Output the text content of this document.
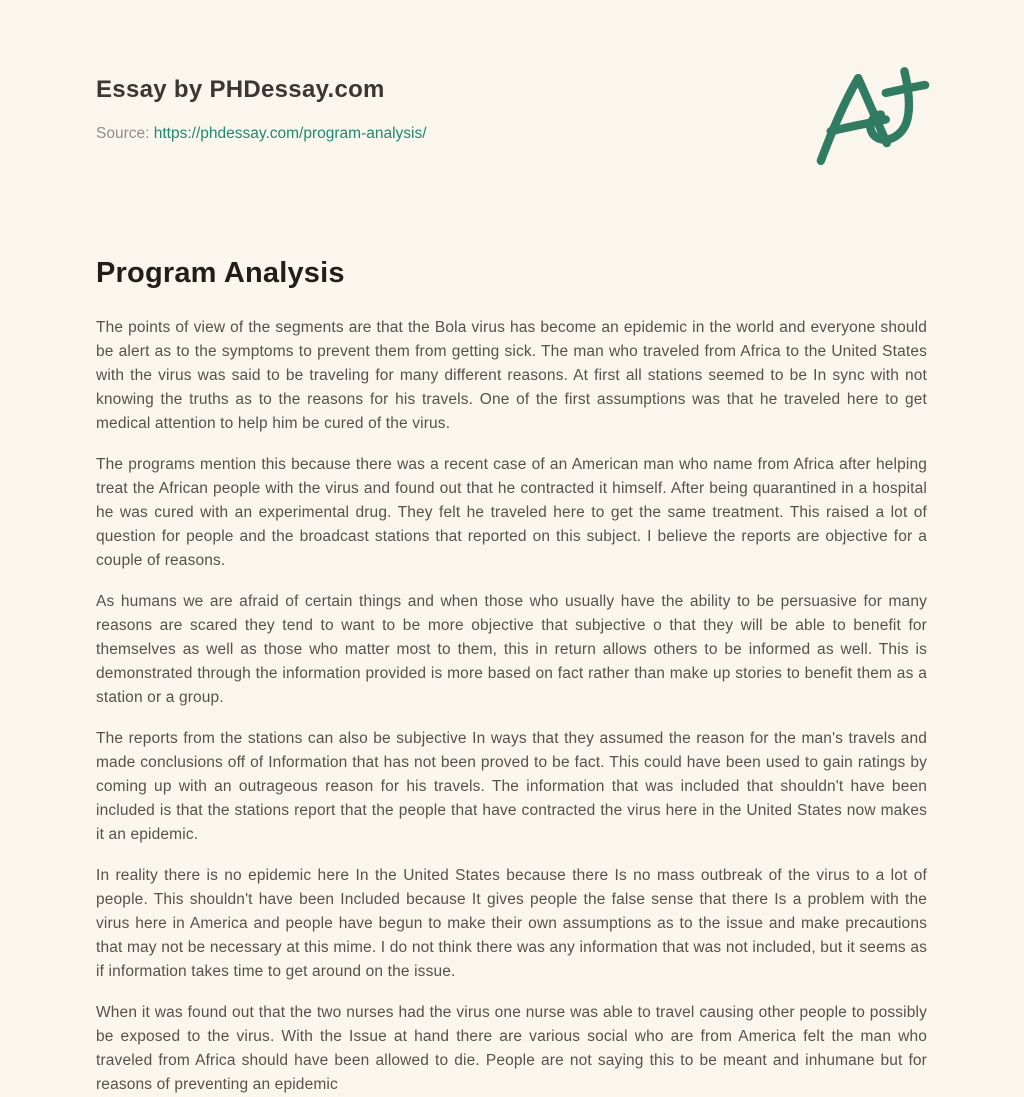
Essay by PHDessay.com
Source: https://phdessay.com/program-analysis/
Program Analysis

The points of view of the segments are that the Bola virus has become an epidemic in the world and everyone should be alert as to the symptoms to prevent them from getting sick. The man who traveled from Africa to the United States with the virus was said to be traveling for many different reasons. At first all stations seemed to be In sync with not knowing the truths as to the reasons for his travels. One of the first assumptions was that he traveled here to get medical attention to help him be cured of the virus.

The programs mention this because there was a recent case of an American man who name from Africa after helping treat the African people with the virus and found out that he contracted it himself. After being quarantined in a hospital he was cured with an experimental drug. They felt he traveled here to get the same treatment. This raised a lot of question for people and the broadcast stations that reported on this subject. I believe the reports are objective for a couple of reasons.

As humans we are afraid of certain things and when those who usually have the ability to be persuasive for many reasons are scared they tend to want to be more objective that subjective o that they will be able to benefit for themselves as well as those who matter most to them, this in return allows others to be informed as well. This is demonstrated through the information provided is more based on fact rather than make up stories to benefit them as a station or a group.

The reports from the stations can also be subjective In ways that they assumed the reason for the man's travels and made conclusions off of Information that has not been proved to be fact. This could have been used to gain ratings by coming up with an outrageous reason for his travels. The information that was included that shouldn't have been included is that the stations report that the people that have contracted the virus here in the United States now makes it an epidemic.

In reality there is no epidemic here In the United States because there Is no mass outbreak of the virus to a lot of people. This shouldn't have been Included because It gives people the false sense that there Is a problem with the virus here in America and people have begun to make their own assumptions as to the issue and make precautions that may not be necessary at this mime. I do not think there was any information that was not included, but it seems as if information takes time to get around on the issue.

When it was found out that the two nurses had the virus one nurse was able to travel causing other people to possibly be exposed to the virus. With the Issue at hand there are various social who are from America felt the man who traveled from Africa should have been allowed to die. People are not saying this to be meant and inhumane but for reasons of preventing an epidemic
